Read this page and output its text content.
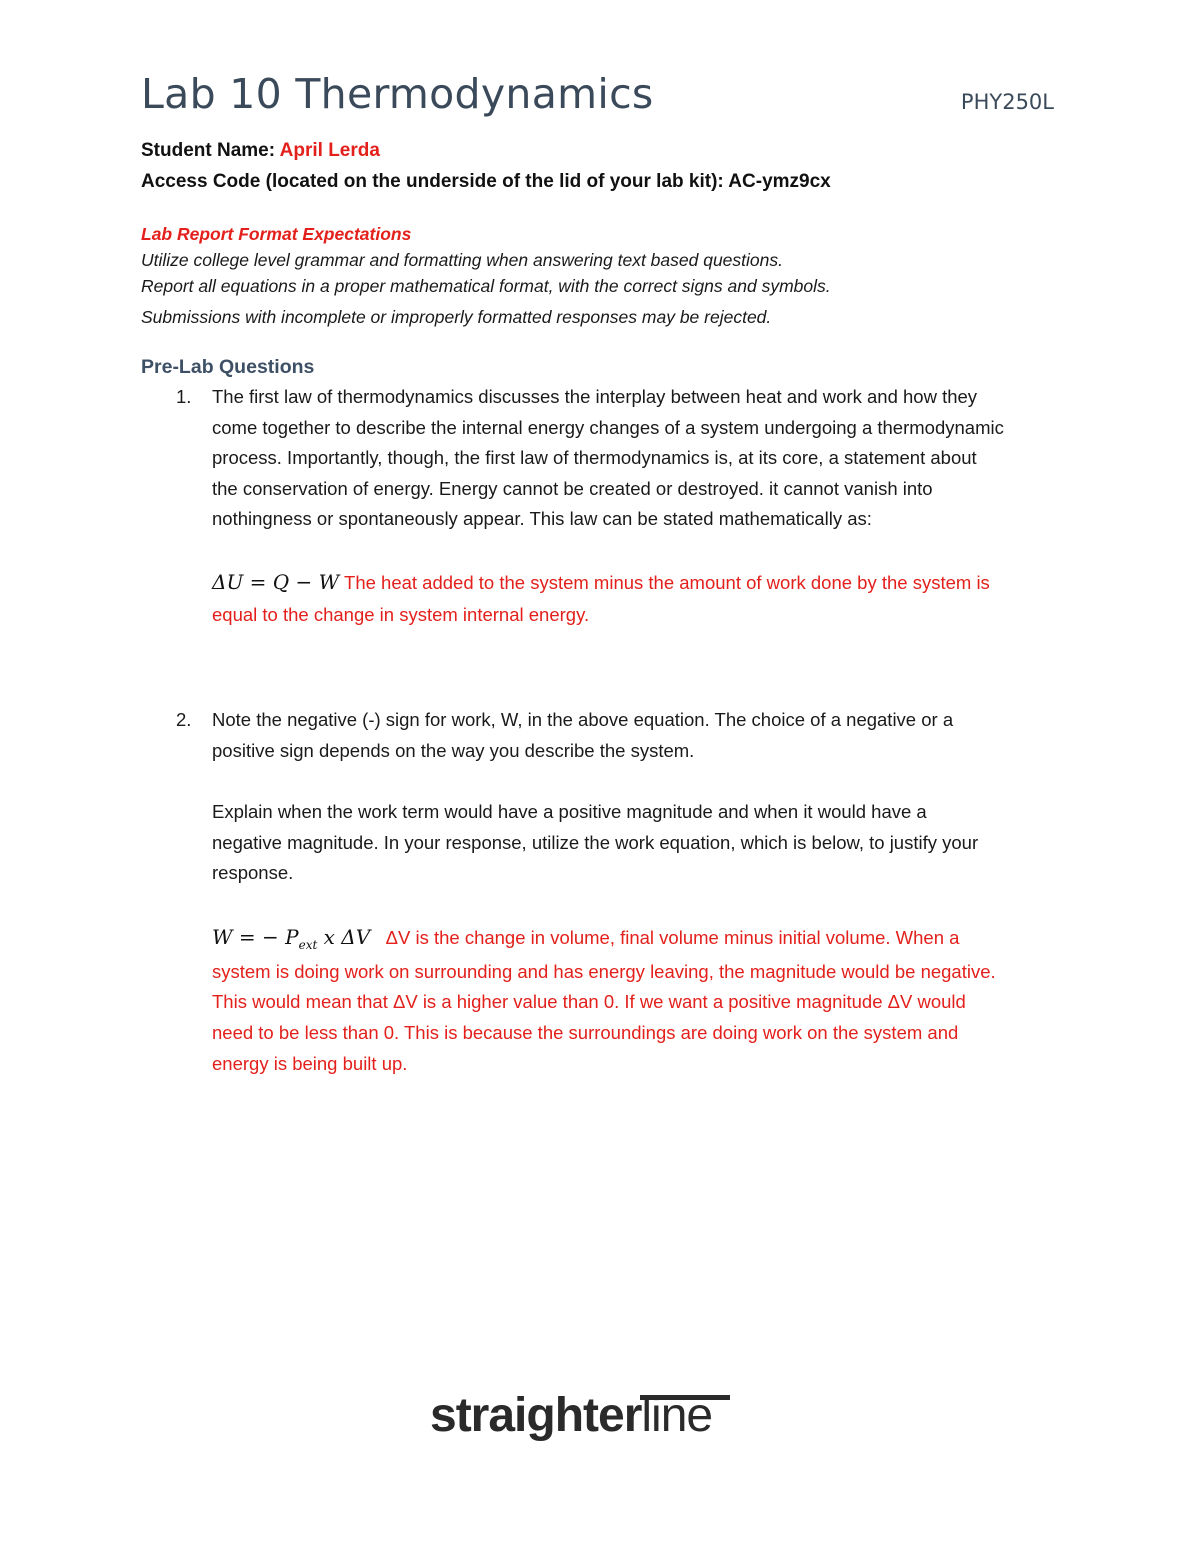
Lab 10 Thermodynamics	PHY250L
Student Name: April Lerda
Access Code (located on the underside of the lid of your lab kit): AC-ymz9cx
Lab Report Format Expectations
Utilize college level grammar and formatting when answering text based questions.
Report all equations in a proper mathematical format, with the correct signs and symbols.
Submissions with incomplete or improperly formatted responses may be rejected.
Pre-Lab Questions
1. The first law of thermodynamics discusses the interplay between heat and work and how they
come together to describe the internal energy changes of a system undergoing a thermodynamic
process. Importantly, though, the first law of thermodynamics is, at its core, a statement about
the conservation of energy. Energy cannot be created or destroyed. it cannot vanish into
nothingness or spontaneously appear. This law can be stated mathematically as:
ΔU = Q − W The heat added to the system minus the amount of work done by the system is
equal to the change in system internal energy.
2. Note the negative (-) sign for work, W, in the above equation. The choice of a negative or a
positive sign depends on the way you describe the system.
Explain when the work term would have a positive magnitude and when it would have a
negative magnitude. In your response, utilize the work equation, which is below, to justify your
response.
W = − $P_{ext}$ x ΔV ΔV is the change in volume, final volume minus initial volume. When a
system is doing work on surrounding and has energy leaving, the magnitude would be negative.
This would mean that ΔV is a higher value than 0. If we want a positive magnitude ΔV would
need to be less than 0. This is because the surroundings are doing work on the system and
energy is being built up.
straighterline
